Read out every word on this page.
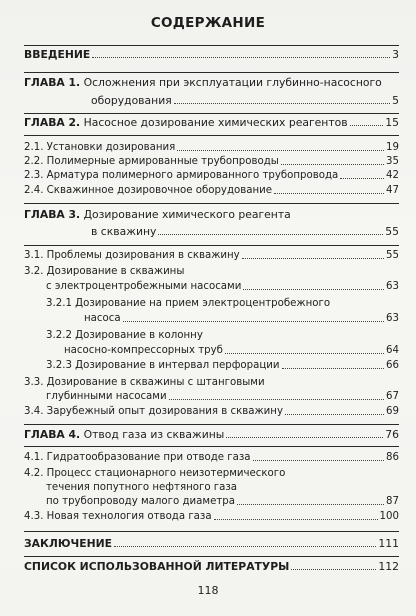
СОДЕРЖАНИЕ
ВВЕДЕНИЕ	3
ГЛАВА 1. Осложнения при эксплуатации глубинно-насосного
оборудования	5
ГЛАВА 2. Насосное дозирование химических реагентов	15
2.1. Установки дозирования	19
2.2. Полимерные армированные трубопроводы	35
2.3. Арматура полимерного армированного трубопровода	42
2.4. Скважинное дозировочное оборудование	47
ГЛАВА 3. Дозирование химического реагента
в скважину	55
3.1. Проблемы дозирования в скважину	55
3.2. Дозирование в скважины
с электроцентробежными насосами	63
3.2.1 Дозирование на прием электроцентробежного
насоса	63
3.2.2 Дозирование в колонну
насосно-компрессорных труб	64
3.2.3 Дозирование в интервал перфорации	66
3.3. Дозирование в скважины с штанговыми
глубинными насосами	67
3.4. Зарубежный опыт дозирования в скважину	69
ГЛАВА 4. Отвод газа из скважины	76
4.1. Гидратообразование при отводе газа	86
4.2. Процесс стационарного неизотермического
течения попутного нефтяного газа
по трубопроводу малого диаметра	87
4.3. Новая технология отвода газа	100
ЗАКЛЮЧЕНИЕ	111
СПИСОК ИСПОЛЬЗОВАННОЙ ЛИТЕРАТУРЫ	112
118
